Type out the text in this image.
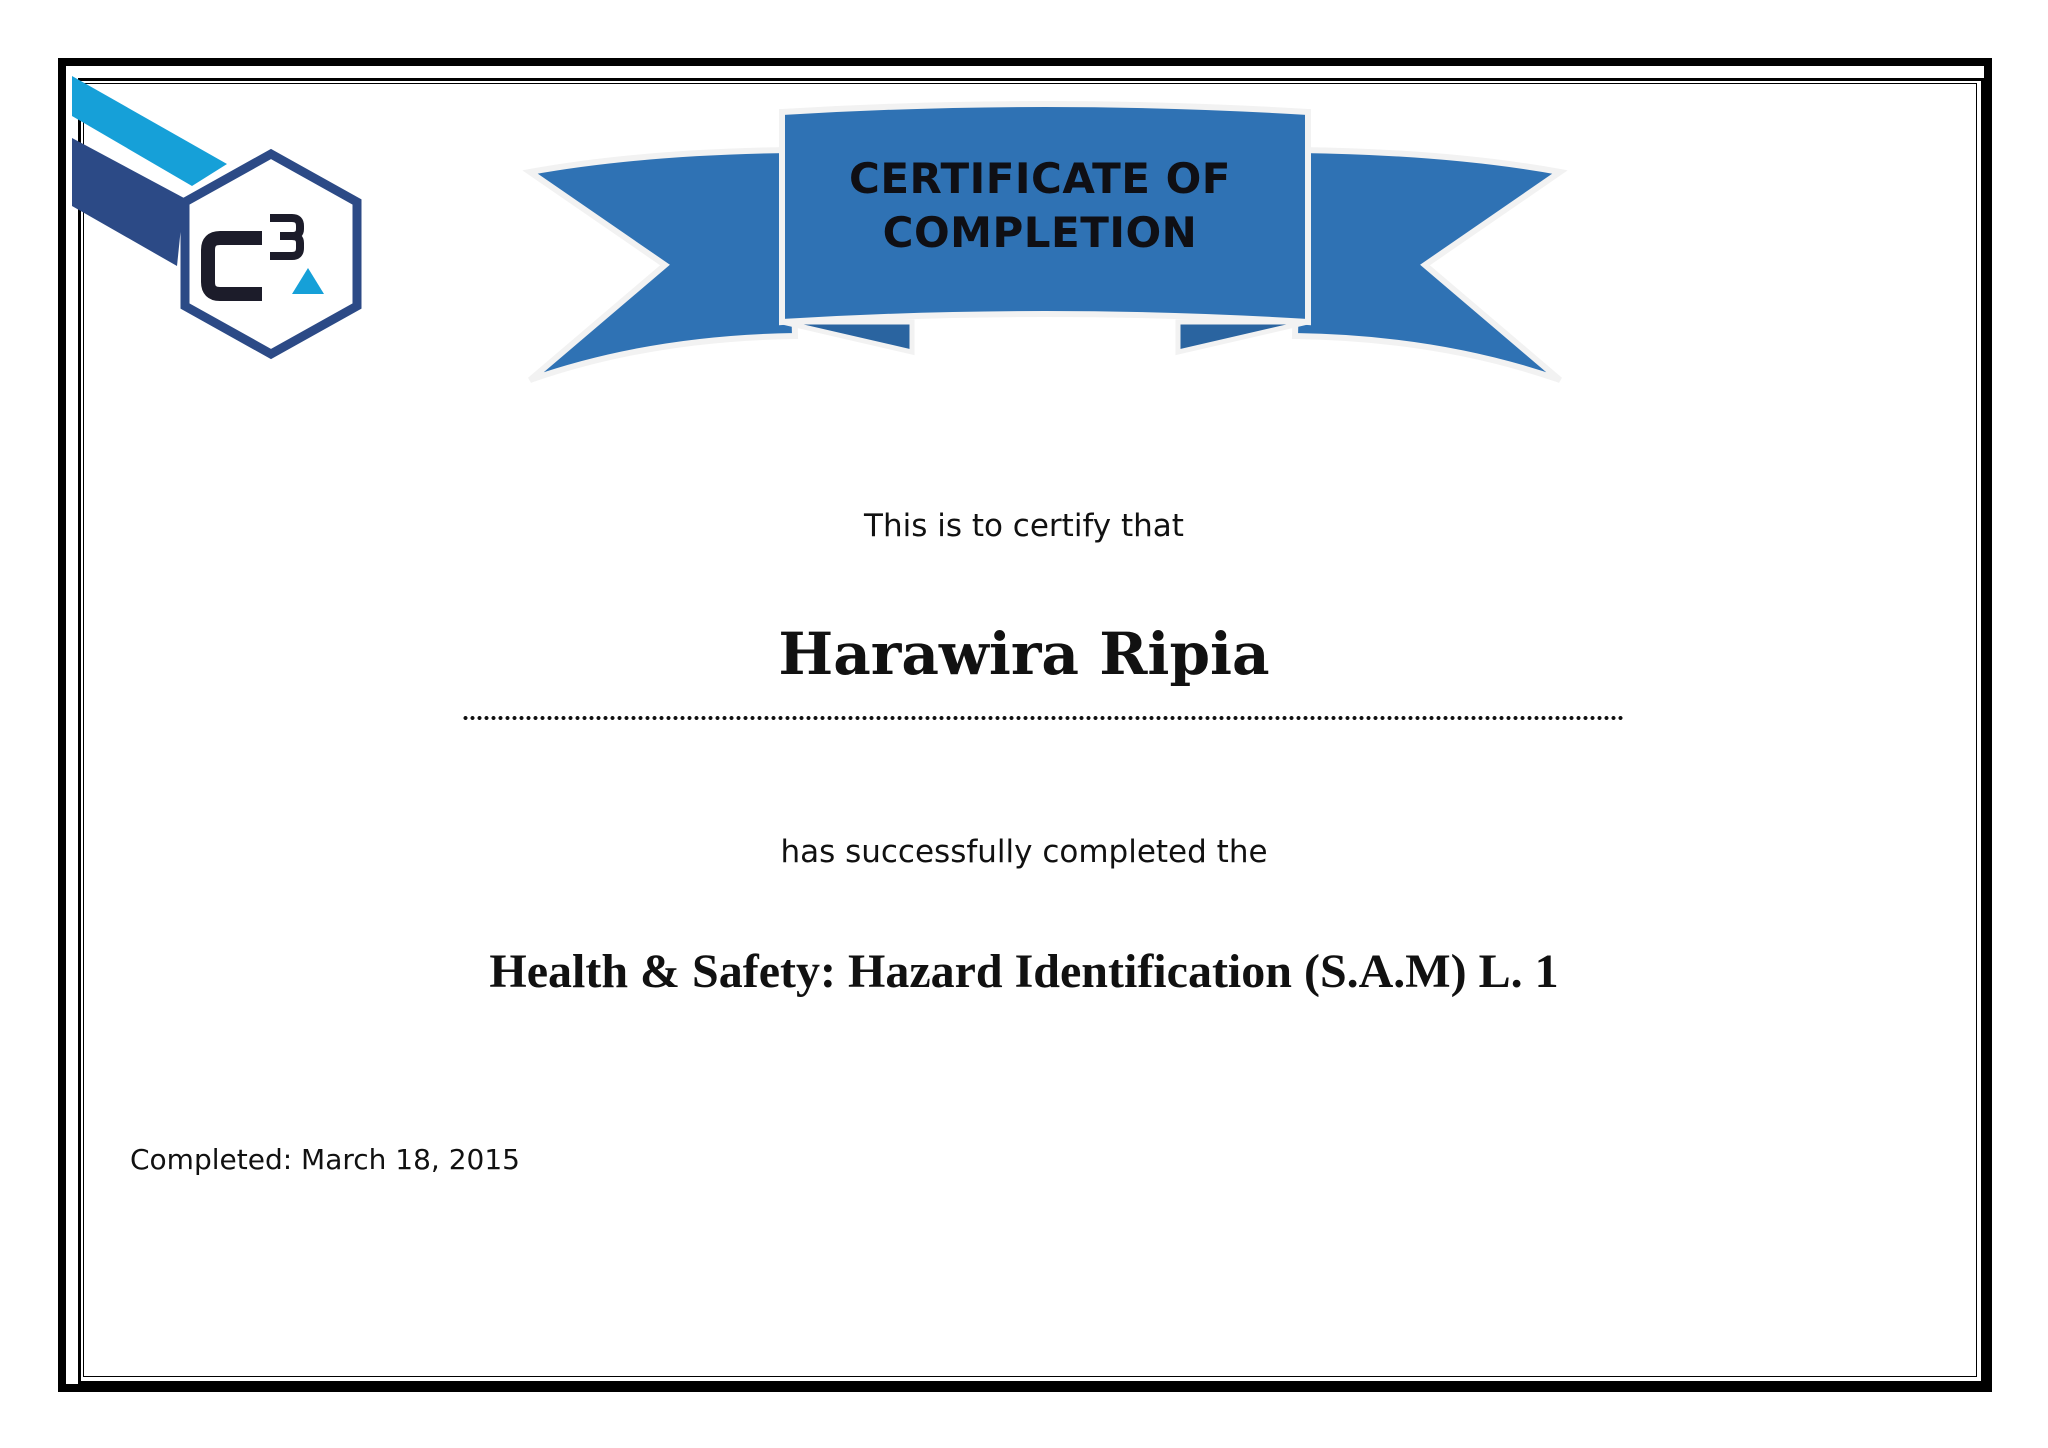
CERTIFICATE OF
COMPLETION
This is to certify that
Harawira Ripia
has successfully completed the
Health & Safety: Hazard Identification (S.A.M) L. 1
Completed: March 18, 2015
